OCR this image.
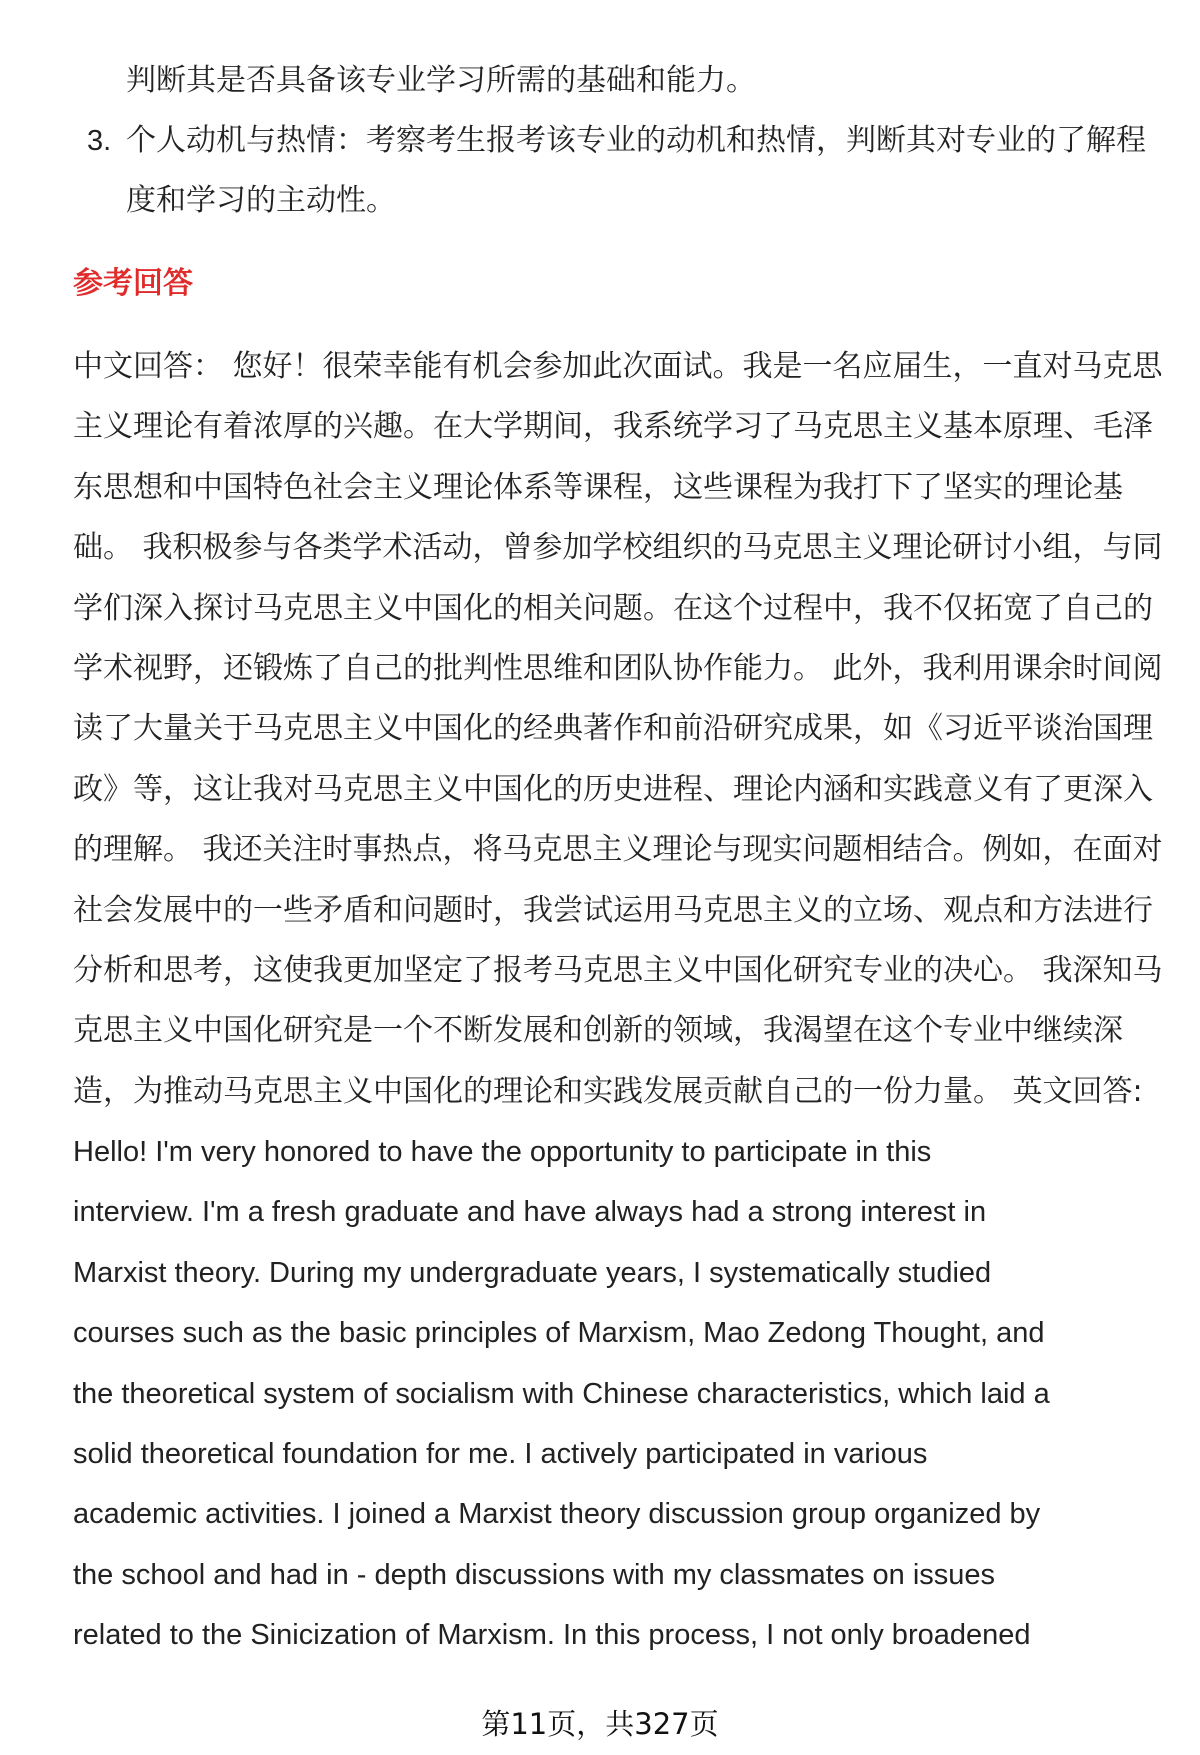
判断其是否具备该专业学习所需的基础和能力。
3. 个人动机与热情：考察考生报考该专业的动机和热情，判断其对专业的了解程
度和学习的主动性。
参考回答
中文回答： 您好！很荣幸能有机会参加此次面试。我是一名应届生，一直对马克思
主义理论有着浓厚的兴趣。在大学期间，我系统学习了马克思主义基本原理、毛泽
东思想和中国特色社会主义理论体系等课程，这些课程为我打下了坚实的理论基
础。 我积极参与各类学术活动，曾参加学校组织的马克思主义理论研讨小组，与同
学们深入探讨马克思主义中国化的相关问题。在这个过程中，我不仅拓宽了自己的
学术视野，还锻炼了自己的批判性思维和团队协作能力。 此外，我利用课余时间阅
读了大量关于马克思主义中国化的经典著作和前沿研究成果，如《习近平谈治国理
政》等，这让我对马克思主义中国化的历史进程、理论内涵和实践意义有了更深入
的理解。 我还关注时事热点，将马克思主义理论与现实问题相结合。例如，在面对
社会发展中的一些矛盾和问题时，我尝试运用马克思主义的立场、观点和方法进行
分析和思考，这使我更加坚定了报考马克思主义中国化研究专业的决心。 我深知马
克思主义中国化研究是一个不断发展和创新的领域，我渴望在这个专业中继续深
造，为推动马克思主义中国化的理论和实践发展贡献自己的一份力量。 英文回答:
Hello! I'm very honored to have the opportunity to participate in this
interview. I'm a fresh graduate and have always had a strong interest in
Marxist theory. During my undergraduate years, I systematically studied
courses such as the basic principles of Marxism, Mao Zedong Thought, and
the theoretical system of socialism with Chinese characteristics, which laid a
solid theoretical foundation for me. I actively participated in various
academic activities. I joined a Marxist theory discussion group organized by
the school and had in - depth discussions with my classmates on issues
related to the Sinicization of Marxism. In this process, I not only broadened
第11页，共327页
